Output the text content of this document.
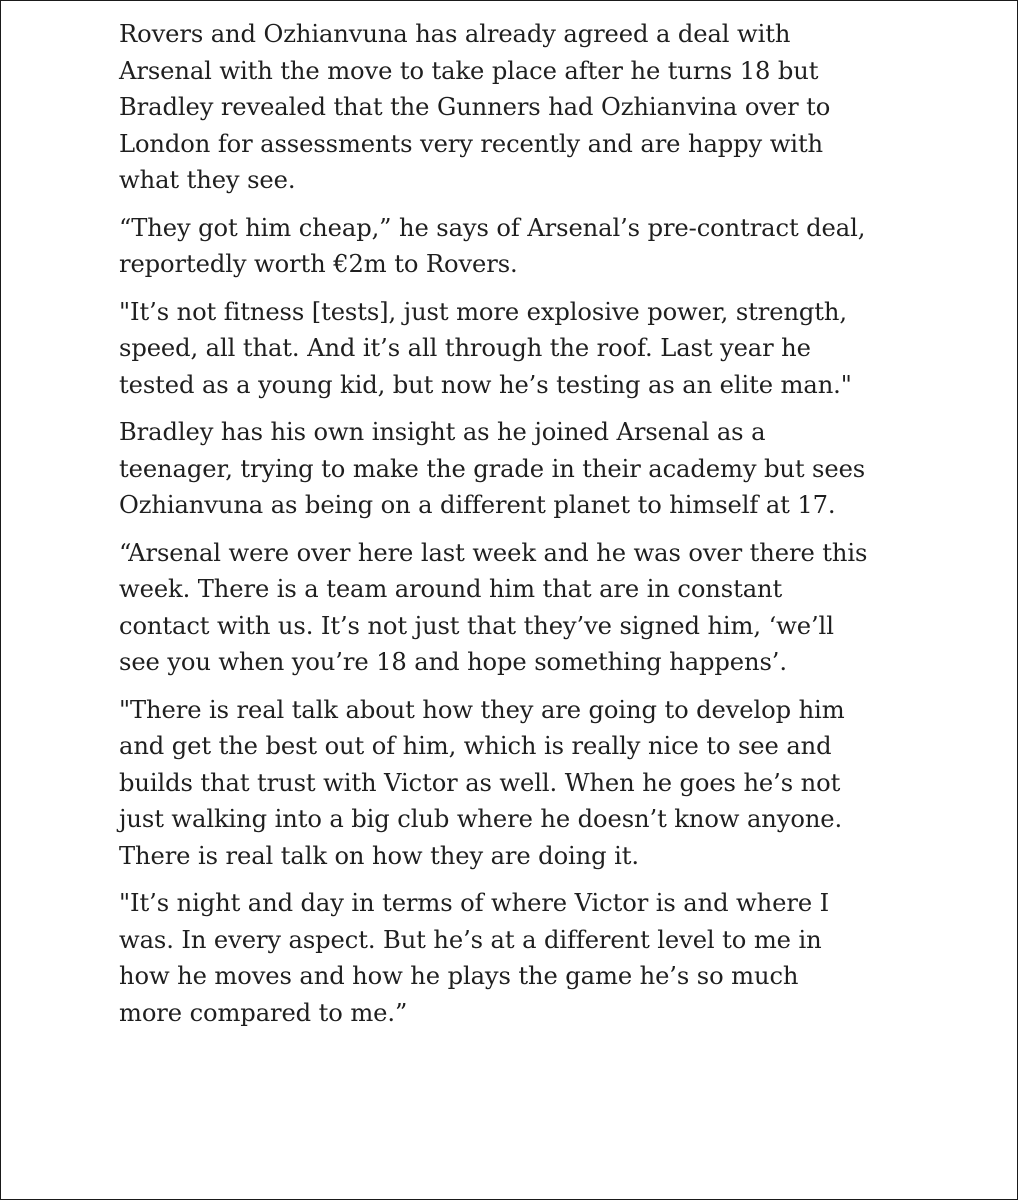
Rovers and Ozhianvuna has already agreed a deal with
Arsenal with the move to take place after he turns 18 but
Bradley revealed that the Gunners had Ozhianvina over to
London for assessments very recently and are happy with
what they see.

“They got him cheap,” he says of Arsenal’s pre-contract deal,
reportedly worth €2m to Rovers.

"It’s not fitness [tests], just more explosive power, strength,
speed, all that. And it’s all through the roof. Last year he
tested as a young kid, but now he’s testing as an elite man."

Bradley has his own insight as he joined Arsenal as a
teenager, trying to make the grade in their academy but sees
Ozhianvuna as being on a different planet to himself at 17.

“Arsenal were over here last week and he was over there this
week. There is a team around him that are in constant
contact with us. It’s not just that they’ve signed him, ‘we’ll
see you when you’re 18 and hope something happens’.

"There is real talk about how they are going to develop him
and get the best out of him, which is really nice to see and
builds that trust with Victor as well. When he goes he’s not
just walking into a big club where he doesn’t know anyone.
There is real talk on how they are doing it.

"It’s night and day in terms of where Victor is and where I
was. In every aspect. But he’s at a different level to me in
how he moves and how he plays the game he’s so much
more compared to me.”
